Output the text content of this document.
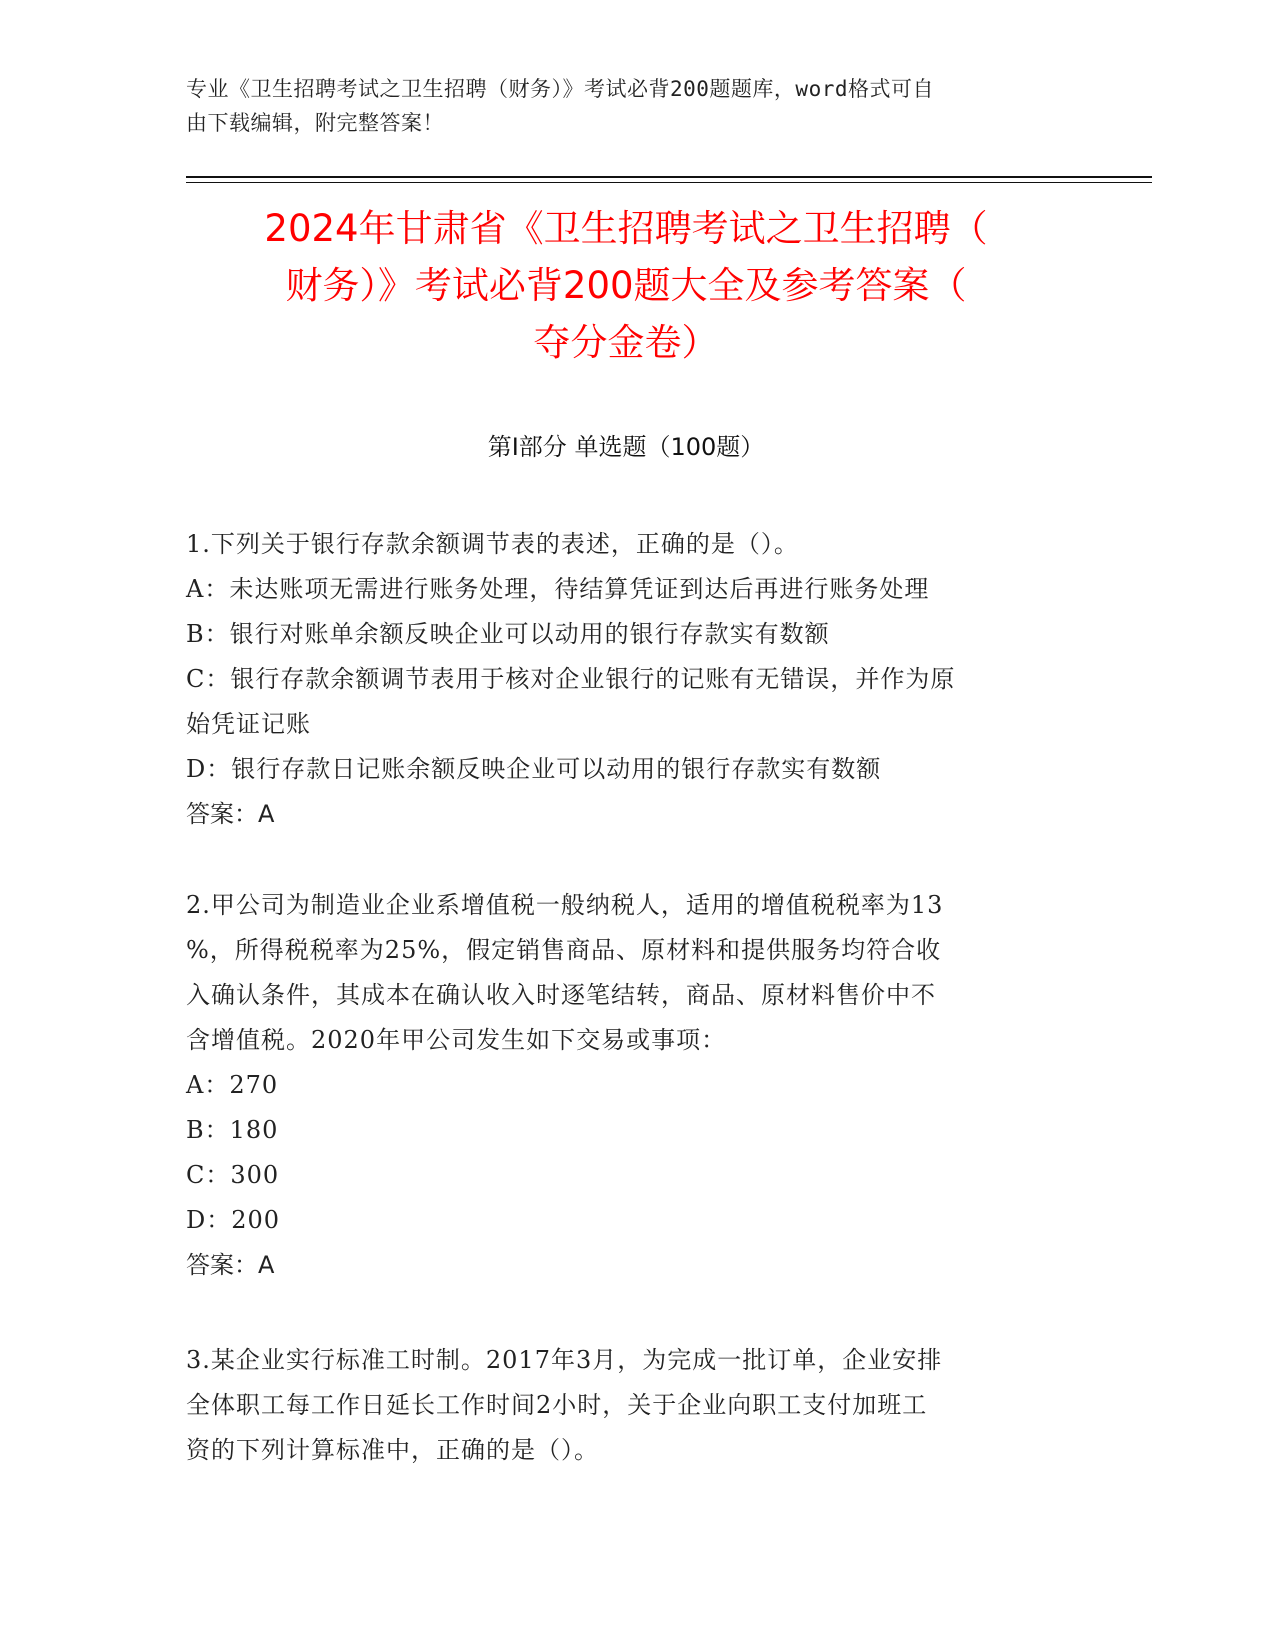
专业《卫生招聘考试之卫生招聘（财务）》考试必背200题题库，word格式可自
由下载编辑，附完整答案！
2024年甘肃省《卫生招聘考试之卫生招聘（
财务）》考试必背200题大全及参考答案（
夺分金卷）
第Ⅰ部分 单选题（100题）
1.下列关于银行存款余额调节表的表述，正确的是（）。
A：未达账项无需进行账务处理，待结算凭证到达后再进行账务处理
B：银行对账单余额反映企业可以动用的银行存款实有数额
C：银行存款余额调节表用于核对企业银行的记账有无错误，并作为原
始凭证记账
D：银行存款日记账余额反映企业可以动用的银行存款实有数额
答案：A
2.甲公司为制造业企业系增值税一般纳税人，适用的增值税税率为13
%，所得税税率为25%，假定销售商品、原材料和提供服务均符合收
入确认条件，其成本在确认收入时逐笔结转，商品、原材料售价中不
含增值税。2020年甲公司发生如下交易或事项：
A：270
B：180
C：300
D：200
答案：A
3.某企业实行标准工时制。2017年3月，为完成一批订单，企业安排
全体职工每工作日延长工作时间2小时，关于企业向职工支付加班工
资的下列计算标准中，正确的是（）。
